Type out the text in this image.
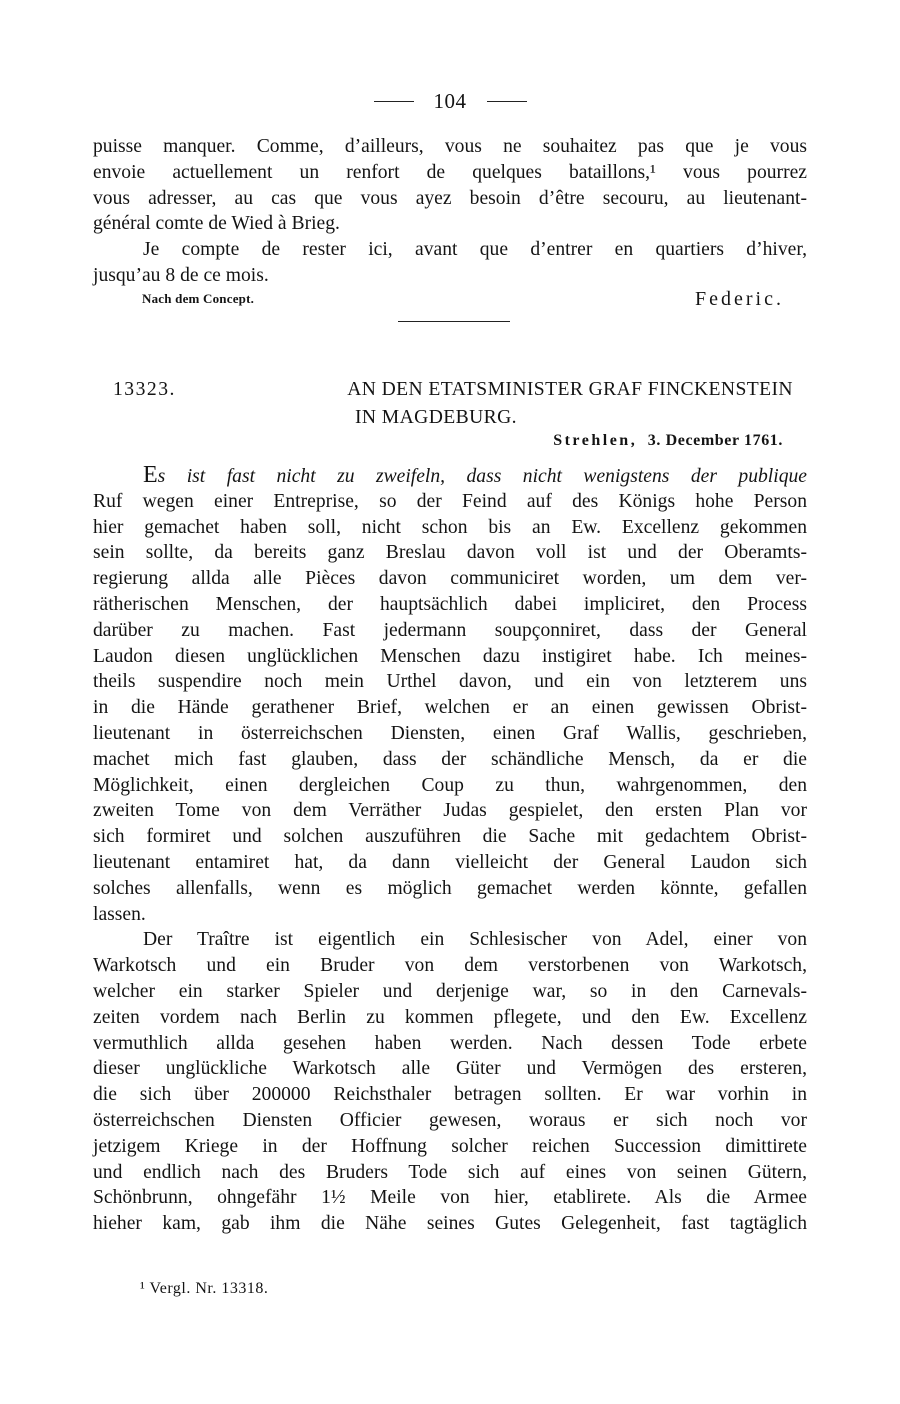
104
puisse manquer. Comme, d’ailleurs, vous ne souhaitez pas que je vous
envoie actuellement un renfort de quelques bataillons,¹ vous pourrez
vous adresser, au cas que vous ayez besoin d’être secouru, au lieutenant-
général comte de Wied à Brieg.
Je compte de rester ici, avant que d’entrer en quartiers d’hiver,
jusqu’au 8 de ce mois.
Nach dem Concept.	Federic.
13323.	AN DEN ETATSMINISTER GRAF FINCKENSTEIN
IN MAGDEBURG.
Strehlen, 3. December 1761.
Es ist fast nicht zu zweifeln, dass nicht wenigstens der publique
Ruf wegen einer Entreprise, so der Feind auf des Königs hohe Person
hier gemachet haben soll, nicht schon bis an Ew. Excellenz gekommen
sein sollte, da bereits ganz Breslau davon voll ist und der Oberamts-
regierung allda alle Pièces davon communiciret worden, um dem ver-
rätherischen Menschen, der hauptsächlich dabei impliciret, den Process
darüber zu machen. Fast jedermann soupçonniret, dass der General
Laudon diesen unglücklichen Menschen dazu instigiret habe. Ich meines-
theils suspendire noch mein Urthel davon, und ein von letzterem uns
in die Hände gerathener Brief, welchen er an einen gewissen Obrist-
lieutenant in österreichschen Diensten, einen Graf Wallis, geschrieben,
machet mich fast glauben, dass der schändliche Mensch, da er die
Möglichkeit, einen dergleichen Coup zu thun, wahrgenommen, den
zweiten Tome von dem Verräther Judas gespielet, den ersten Plan vor
sich formiret und solchen auszuführen die Sache mit gedachtem Obrist-
lieutenant entamiret hat, da dann vielleicht der General Laudon sich
solches allenfalls, wenn es möglich gemachet werden könnte, gefallen
lassen.
Der Traître ist eigentlich ein Schlesischer von Adel, einer von
Warkotsch und ein Bruder von dem verstorbenen von Warkotsch,
welcher ein starker Spieler und derjenige war, so in den Carnevals-
zeiten vordem nach Berlin zu kommen pflegete, und den Ew. Excellenz
vermuthlich allda gesehen haben werden. Nach dessen Tode erbete
dieser unglückliche Warkotsch alle Güter und Vermögen des ersteren,
die sich über 200000 Reichsthaler betragen sollten. Er war vorhin in
österreichschen Diensten Officier gewesen, woraus er sich noch vor
jetzigem Kriege in der Hoffnung solcher reichen Succession dimittirete
und endlich nach des Bruders Tode sich auf eines von seinen Gütern,
Schönbrunn, ohngefähr 1½ Meile von hier, etablirete. Als die Armee
hieher kam, gab ihm die Nähe seines Gutes Gelegenheit, fast tagtäglich
¹ Vergl. Nr. 13318.
